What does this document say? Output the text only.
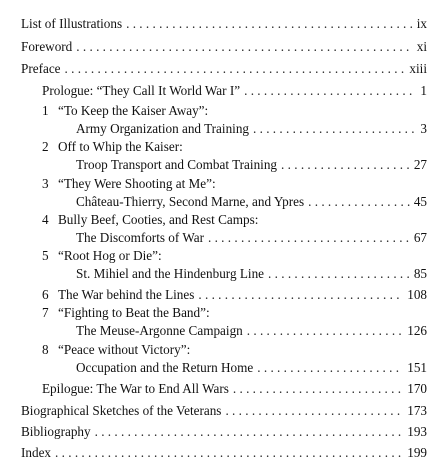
List of Illustrations . . .	ix
Foreword . . .	xi
Preface . . .	xiii
Prologue: “They Call It World War I” . . .	1
1 “To Keep the Kaiser Away”:
Army Organization and Training . . .	3
2 Off to Whip the Kaiser:
Troop Transport and Combat Training . . .	27
3 “They Were Shooting at Me”:
Château-Thierry, Second Marne, and Ypres . . .	45
4 Bully Beef, Cooties, and Rest Camps:
The Discomforts of War . . .	67
5 “Root Hog or Die”:
St. Mihiel and the Hindenburg Line . . .	85
6 The War behind the Lines . . .	108
7 “Fighting to Beat the Band”:
The Meuse-Argonne Campaign . . .	126
8 “Peace without Victory”:
Occupation and the Return Home . . .	151
Epilogue: The War to End All Wars . . .	170
Biographical Sketches of the Veterans . . .	173
Bibliography . . .	193
Index . . .	199
